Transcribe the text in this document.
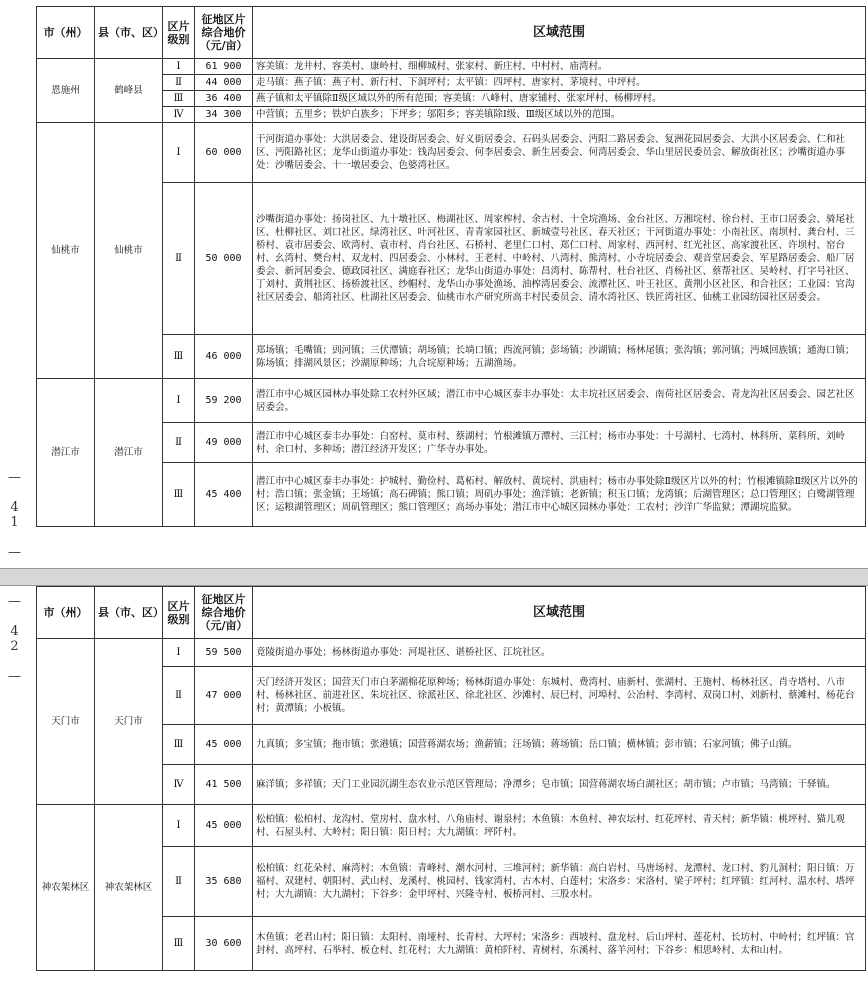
市（州）	县（市、区）	区片级别	征地区片综合地价（元/亩）	区域范围
恩施州	鹤峰县	Ⅰ	61 900	容美镇：龙井村、容美村、康岭村、细柳城村、张家村、新庄村、中村村、庙湾村。
		Ⅱ	44 000	走马镇：燕子镇：燕子村、新行村、下洞坪村；太平镇：四坪村、唐家村、茅境村、中坪村。
		Ⅲ	36 400	燕子镇和太平镇除Ⅱ级区域以外的所有范围；容美镇：八峰村、唐家铺村、张家坪村、杨柳坪村。
		Ⅳ	34 300	中营镇；五里乡；铁炉白族乡；下坪乡；邬阳乡；容美镇除Ⅰ级、Ⅲ级区域以外的范围。
仙桃市	仙桃市	Ⅰ	60 000	干河街道办事处：大洪居委会、建设街居委会、好义街居委会、石码头居委会、沔阳二路居委会、复洲花园居委会、大洪小区居委会、仁和社区、沔阳路社区；龙华山街道办事处：钱沟居委会、何李居委会、新生居委会、何湾居委会、华山里居民委员会、解放街社区；沙嘴街道办事处：沙嘴居委会、十一墩居委会、色婆湾社区。
		Ⅱ	50 000	沙嘴街道办事处：扬岗社区、九十墩社区、梅湖社区、周家榨村、余古村、十全垸渔场、金台社区、万湘垸村、徐台村、王市口居委会、骑尾社区、杜柳社区、刘口社区、绿湾社区、叶河社区、青青家园社区、新城壹号社区、春天社区；干河街道办事处：小南社区、南坝村、龚台村、三桥村、袁市居委会、欧湾村、袁市村、肖台社区、石桥村、老里仁口村、郑仁口村、周家村、西河村、红光社区、高家渡社区、许坝村、窑台村、幺湾村、樊台村、双龙村、四居委会、小林村、王老村、中岭村、八湾村、熊湾村、小寺垸居委会、观音堂居委会、军星路居委会、船厂居委会、新河居委会、德政园社区、满庭春社区；龙华山街道办事处：昌湾村、陈帮村、杜台社区、肖杨社区、蔡帮社区、吴岭村、打字号社区、丁刘村、黄荆社区、扬桥渡社区、纱帽村、龙华山办事处渔场、油榨湾居委会、流潭社区、叶王社区、黄荆小区社区、和合社区；工业园：官沟社区居委会、船湾社区、杜湖社区居委会、仙桃市水产研究所高丰村民委员会、清水湾社区、铁匠湾社区、仙桃工业园纺园社区居委会。
		Ⅲ	46 000	郑场镇；毛嘴镇；剅河镇；三伏潭镇；胡场镇；长埫口镇；西流河镇；彭场镇；沙湖镇；杨林尾镇；张沟镇；郭河镇；沔城回族镇；通海口镇；陈场镇；排湖风景区；沙湖原种场；九合垸原种场；五湖渔场。
潜江市	潜江市	Ⅰ	59 200	潜江市中心城区园林办事处除工农村外区域；潜江市中心城区泰丰办事处：太丰垸社区居委会、南荷社区居委会、青龙沟社区居委会、园艺社区居委会。
		Ⅱ	49 000	潜江市中心城区泰丰办事处：白窑村、莫市村、蔡湖村；竹根滩镇万潭村、三江村；杨市办事处：十号湖村、七湾村、林科所、菜科所、刘岭村、余口村、多种场；潜江经济开发区；广华寺办事处。
		Ⅲ	45 400	潜江市中心城区泰丰办事处：护城村、勤俭村、葛柘村、解放村、黄垸村、洪庙村；杨市办事处除Ⅱ级区片以外的村；竹根滩镇除Ⅱ级区片以外的村；浩口镇；张金镇；王场镇；高石碑镇；熊口镇；周矶办事处；渔洋镇；老新镇；积玉口镇；龙湾镇；后湖管理区；总口管理区；白鹭湖管理区；运粮湖管理区；周矶管理区；熊口管理区；高场办事处；潜江市中心城区园林办事处：工农村；沙洋广华监狱；潭湖垸监狱。
— 41 —
市（州）	县（市、区）	区片级别	征地区片综合地价（元/亩）	区域范围
天门市	天门市	Ⅰ	59 500	竟陵街道办事处；杨林街道办事处：河堤社区、谌桥社区、江垸社区。
		Ⅱ	47 000	天门经济开发区；国营天门市白茅湖棉花原种场；杨林街道办事处：东城村、费湾村、庙新村、张湖村、王施村、杨林社区、肖寺塔村、八市村、杨林社区、前进社区、朱垸社区、徐派社区、徐北社区、沙滩村、辰巳村、河埠村、公冶村、李湾村、双岗口村、刘新村、蔡滩村、杨花台村；黄潭镇；小板镇。
		Ⅲ	45 000	九真镇；多宝镇；拖市镇；张港镇；国营蒋湖农场；渔薪镇；汪场镇；蒋场镇；岳口镇；横林镇；彭市镇；石家河镇；佛子山镇。
		Ⅳ	41 500	麻洋镇；多祥镇；天门工业园沉湖生态农业示范区管理局；净潭乡；皂市镇；国营蒋湖农场白湖社区；胡市镇；卢市镇；马湾镇；干驿镇。
神农架林区	神农架林区	Ⅰ	45 000	松柏镇：松柏村、龙沟村、堂房村、盘水村、八角庙村、谢泉村；木鱼镇：木鱼村、神农坛村、红花坪村、青天村；新华镇：桃坪村、猫儿观村、石屋头村、大岭村；阳日镇：阳日村；大九湖镇：坪阡村。
		Ⅱ	35 680	松柏镇：红花朵村、麻湾村；木鱼镇：青峰村、潮水河村、三堆河村；新华镇：高白岩村、马唐场村、龙潭村、龙口村、豹儿洞村；阳日镇：万福村、双建村、朝阳村、武山村、龙溪村、桃园村、钱家湾村、古木村、白莲村；宋洛乡：宋洛村、梁子坪村；红坪镇：红河村、温水村、塔坪村；大九湖镇：大九湖村；下谷乡：金甲坪村、兴隆寺村、板桥河村、三股水村。
		Ⅲ	30 600	木鱼镇：老君山村；阳日镇：太阳村、南垭村、长青村、大坪村；宋洛乡：西坡村、盘龙村、后山坪村、莲花村、长坊村、中岭村；红坪镇：官封村、高坪村、石举村、板仓村、红花村；大九湖镇：黄柏阡村、青树村、东溪村、落羊河村；下谷乡：相思岭村、太和山村。
— 42 —
